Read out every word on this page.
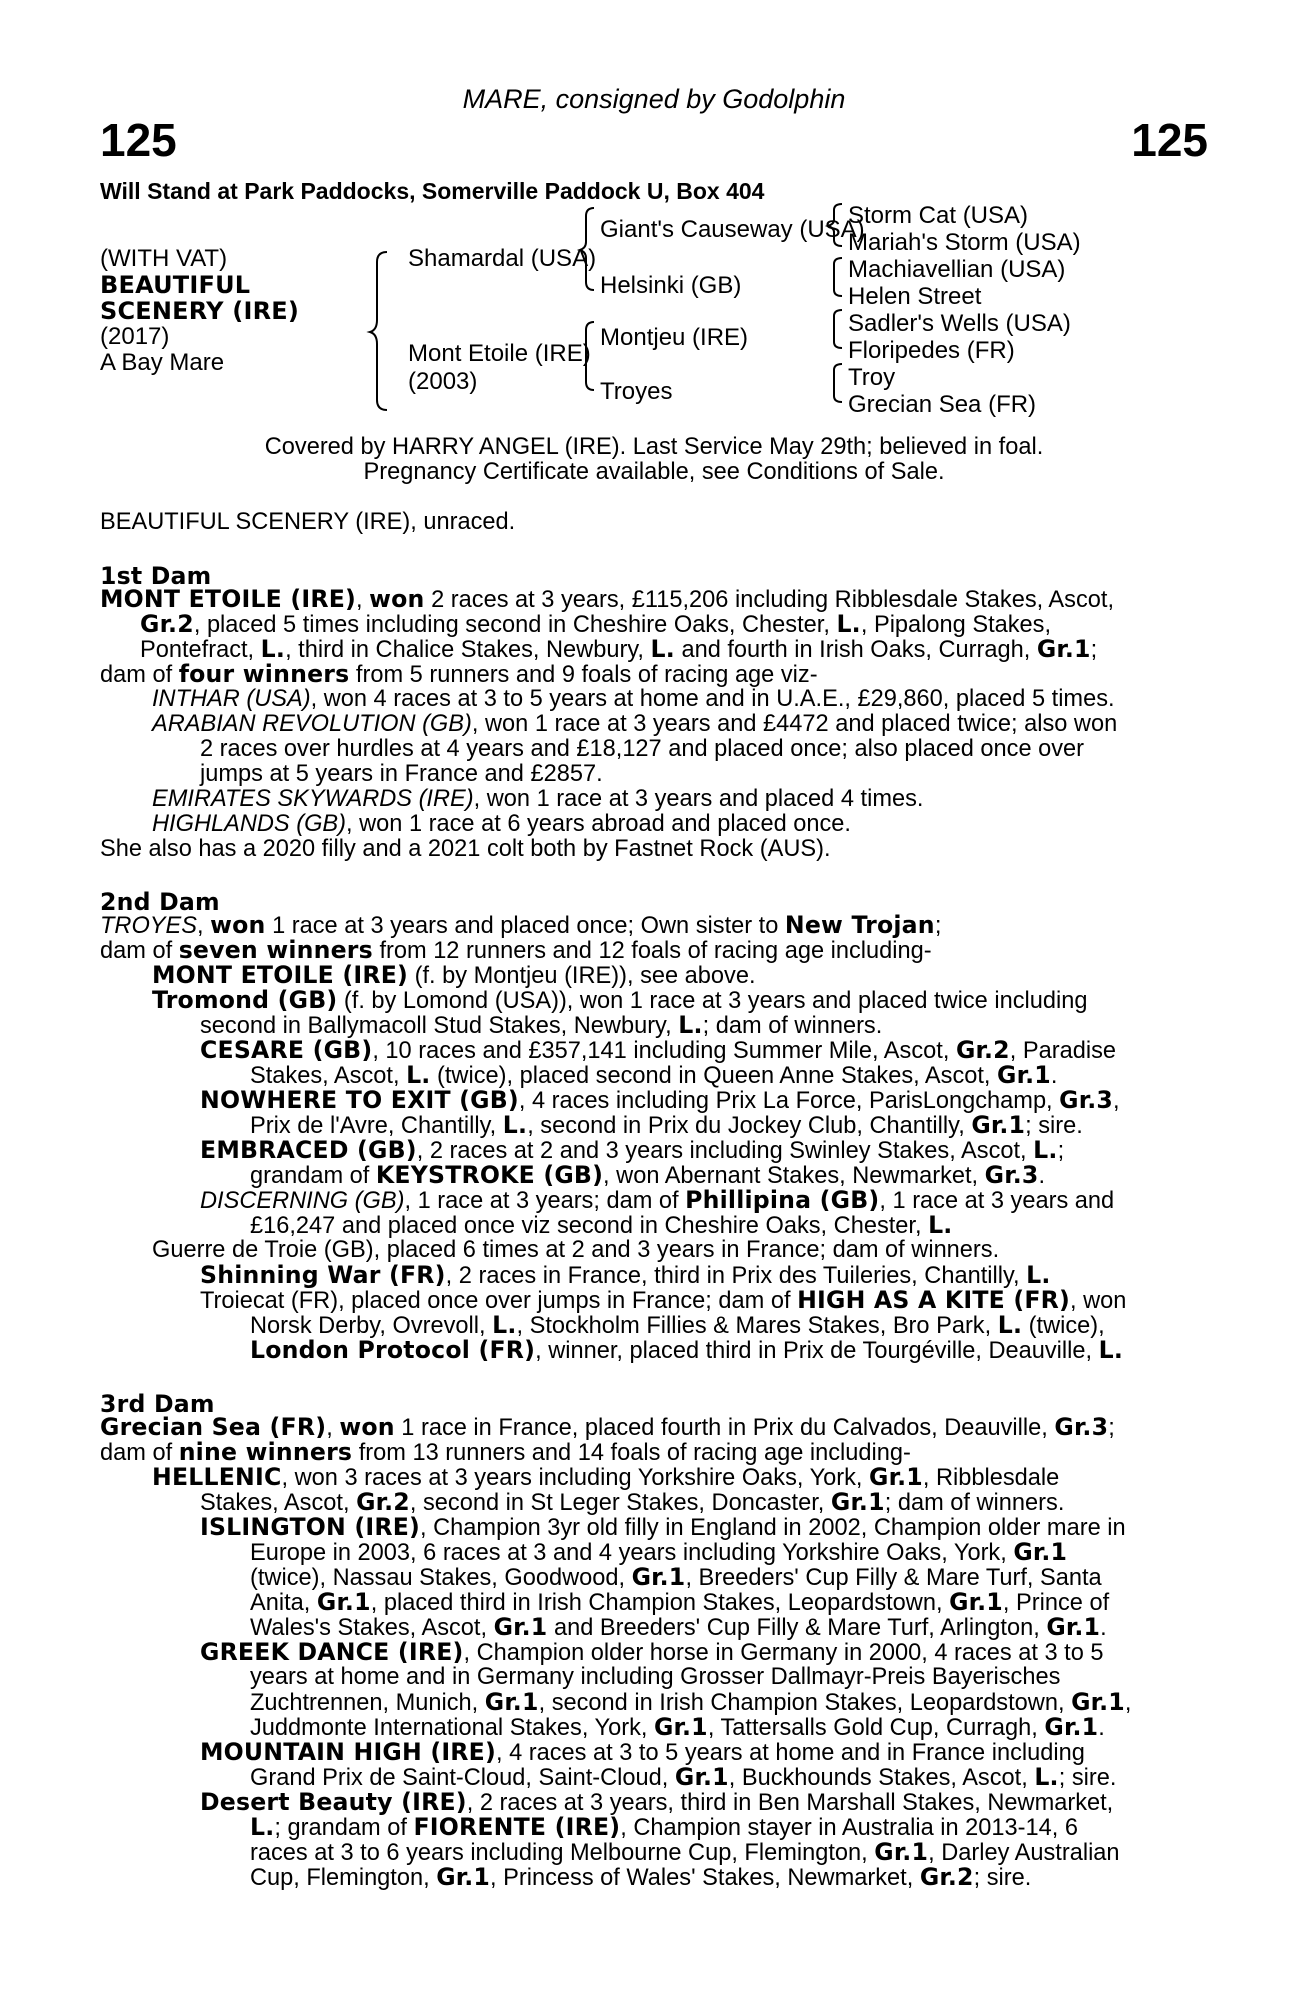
MARE, consigned by Godolphin
125	125
Will Stand at Park Paddocks, Somerville Paddock U, Box 404
(WITH VAT)
BEAUTIFUL
SCENERY (IRE)
(2017)
A Bay Mare
Shamardal (USA)
Mont Etoile (IRE)
(2003)
Giant's Causeway (USA)
Helsinki (GB)
Montjeu (IRE)
Troyes
Storm Cat (USA)
Mariah's Storm (USA)
Machiavellian (USA)
Helen Street
Sadler's Wells (USA)
Floripedes (FR)
Troy
Grecian Sea (FR)
Covered by HARRY ANGEL (IRE). Last Service May 29th; believed in foal.
Pregnancy Certificate available, see Conditions of Sale.
BEAUTIFUL SCENERY (IRE), unraced.
1st Dam
MONT ETOILE (IRE), won 2 races at 3 years, £115,206 including Ribblesdale Stakes, Ascot,
Gr.2, placed 5 times including second in Cheshire Oaks, Chester, L., Pipalong Stakes,
Pontefract, L., third in Chalice Stakes, Newbury, L. and fourth in Irish Oaks, Curragh, Gr.1;
dam of four winners from 5 runners and 9 foals of racing age viz-
INTHAR (USA), won 4 races at 3 to 5 years at home and in U.A.E., £29,860, placed 5 times.
ARABIAN REVOLUTION (GB), won 1 race at 3 years and £4472 and placed twice; also won
2 races over hurdles at 4 years and £18,127 and placed once; also placed once over
jumps at 5 years in France and £2857.
EMIRATES SKYWARDS (IRE), won 1 race at 3 years and placed 4 times.
HIGHLANDS (GB), won 1 race at 6 years abroad and placed once.
She also has a 2020 filly and a 2021 colt both by Fastnet Rock (AUS).
2nd Dam
TROYES, won 1 race at 3 years and placed once; Own sister to New Trojan;
dam of seven winners from 12 runners and 12 foals of racing age including-
MONT ETOILE (IRE) (f. by Montjeu (IRE)), see above.
Tromond (GB) (f. by Lomond (USA)), won 1 race at 3 years and placed twice including
second in Ballymacoll Stud Stakes, Newbury, L.; dam of winners.
CESARE (GB), 10 races and £357,141 including Summer Mile, Ascot, Gr.2, Paradise
Stakes, Ascot, L. (twice), placed second in Queen Anne Stakes, Ascot, Gr.1.
NOWHERE TO EXIT (GB), 4 races including Prix La Force, ParisLongchamp, Gr.3,
Prix de l'Avre, Chantilly, L., second in Prix du Jockey Club, Chantilly, Gr.1; sire.
EMBRACED (GB), 2 races at 2 and 3 years including Swinley Stakes, Ascot, L.;
grandam of KEYSTROKE (GB), won Abernant Stakes, Newmarket, Gr.3.
DISCERNING (GB), 1 race at 3 years; dam of Phillipina (GB), 1 race at 3 years and
£16,247 and placed once viz second in Cheshire Oaks, Chester, L.
Guerre de Troie (GB), placed 6 times at 2 and 3 years in France; dam of winners.
Shinning War (FR), 2 races in France, third in Prix des Tuileries, Chantilly, L.
Troiecat (FR), placed once over jumps in France; dam of HIGH AS A KITE (FR), won
Norsk Derby, Ovrevoll, L., Stockholm Fillies & Mares Stakes, Bro Park, L. (twice),
London Protocol (FR), winner, placed third in Prix de Tourgéville, Deauville, L.
3rd Dam
Grecian Sea (FR), won 1 race in France, placed fourth in Prix du Calvados, Deauville, Gr.3;
dam of nine winners from 13 runners and 14 foals of racing age including-
HELLENIC, won 3 races at 3 years including Yorkshire Oaks, York, Gr.1, Ribblesdale
Stakes, Ascot, Gr.2, second in St Leger Stakes, Doncaster, Gr.1; dam of winners.
ISLINGTON (IRE), Champion 3yr old filly in England in 2002, Champion older mare in
Europe in 2003, 6 races at 3 and 4 years including Yorkshire Oaks, York, Gr.1
(twice), Nassau Stakes, Goodwood, Gr.1, Breeders' Cup Filly & Mare Turf, Santa
Anita, Gr.1, placed third in Irish Champion Stakes, Leopardstown, Gr.1, Prince of
Wales's Stakes, Ascot, Gr.1 and Breeders' Cup Filly & Mare Turf, Arlington, Gr.1.
GREEK DANCE (IRE), Champion older horse in Germany in 2000, 4 races at 3 to 5
years at home and in Germany including Grosser Dallmayr-Preis Bayerisches
Zuchtrennen, Munich, Gr.1, second in Irish Champion Stakes, Leopardstown, Gr.1,
Juddmonte International Stakes, York, Gr.1, Tattersalls Gold Cup, Curragh, Gr.1.
MOUNTAIN HIGH (IRE), 4 races at 3 to 5 years at home and in France including
Grand Prix de Saint-Cloud, Saint-Cloud, Gr.1, Buckhounds Stakes, Ascot, L.; sire.
Desert Beauty (IRE), 2 races at 3 years, third in Ben Marshall Stakes, Newmarket,
L.; grandam of FIORENTE (IRE), Champion stayer in Australia in 2013-14, 6
races at 3 to 6 years including Melbourne Cup, Flemington, Gr.1, Darley Australian
Cup, Flemington, Gr.1, Princess of Wales' Stakes, Newmarket, Gr.2; sire.
